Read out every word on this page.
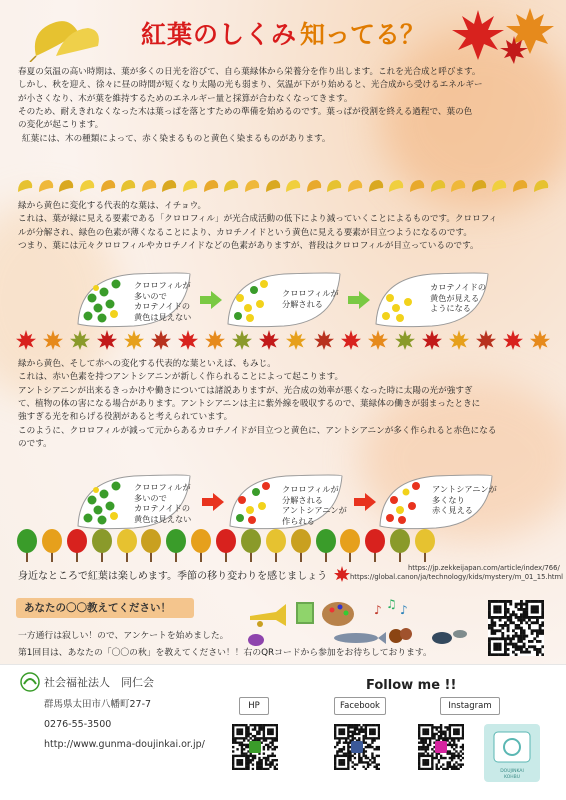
紅葉のしくみ 知ってる？

春夏の気温の高い時期は、葉が多くの日光を浴びて、自ら葉緑体から栄養分を作り出します。これを光合成と呼びます。

しかし、秋を迎え、徐々に昼の時間が短くなり太陽の光も弱まり、気温が下がり始めると、光合成から受けるエネルギー

が小さくなり、木が葉を維持するためのエネルギー量と採算が合わなくなってきます。

そのため、耐えきれなくなった木は葉っぱを落とすための準備を始めるのです。葉っぱが役割を終える過程で、葉の色

の変化が起こります。

紅葉には、木の種類によって、赤く染まるものと黄色く染まるものがあります。

緑から黄色に変化する代表的な葉は、イチョウ。

これは、葉が緑に見える要素である「クロロフィル」が光合成活動の低下により減っていくことによるものです。クロロフィ

ルが分解され、緑色の色素が薄くなることにより、カロチノイドという黄色に見える要素が目立つようになるのです。

つまり、葉には元々クロロフィルやカロチノイドなどの色素がありますが、普段はクロロフィルが目立っているのです。

クロロフィルが
多いので
カロテノイドの
黄色は見えない
クロロフィルが
分解される
カロテノイドの
黄色が見える
ようになる

緑から黄色、そして赤への変化する代表的な葉といえば、もみじ。

これは、赤い色素を持つアントシアニンが新しく作られることによって起こります。

アントシアニンが出来るきっかけや働きについては諸説ありますが、光合成の効率が悪くなった時に太陽の光が強すぎ

て、植物の体の害になる場合があります。アントシアニンは主に紫外線を吸収するので、葉緑体の働きが弱まったときに

強すぎる光を和らげる役割があると考えられています。

このように、クロロフィルが減って元からあるカロチノイドが目立つと黄色に、アントシアニンが多く作られると赤色になる

のです。

クロロフィルが
多いので
カロテノイドの
黄色は見えない
クロロフィルが
分解される
アントシアニンが
作られる
アントシアニンが
多くなり
赤く見える
https://jp.zekkeijapan.com/article/index/766/
https://global.canon/ja/technology/kids/mystery/m_01_15.html
身近なところで紅葉は楽しめます。季節の移り変わりを感じましょう
あなたの〇〇教えてください！
一方通行は寂しい！ので、アンケートを始めました。
第1回目は、あなたの「〇〇の秋」を教えてください！！右のQRコードから参加をお待ちしております。
♪ ♫ ♪
社会福祉法人　同仁会
群馬県太田市八幡町27-7
0276-55-3500
http://www.gunma-doujinkai.or.jp/
Follow me !!
HP	Facebook	Instagram
DOUJINKAI
KOHBU
